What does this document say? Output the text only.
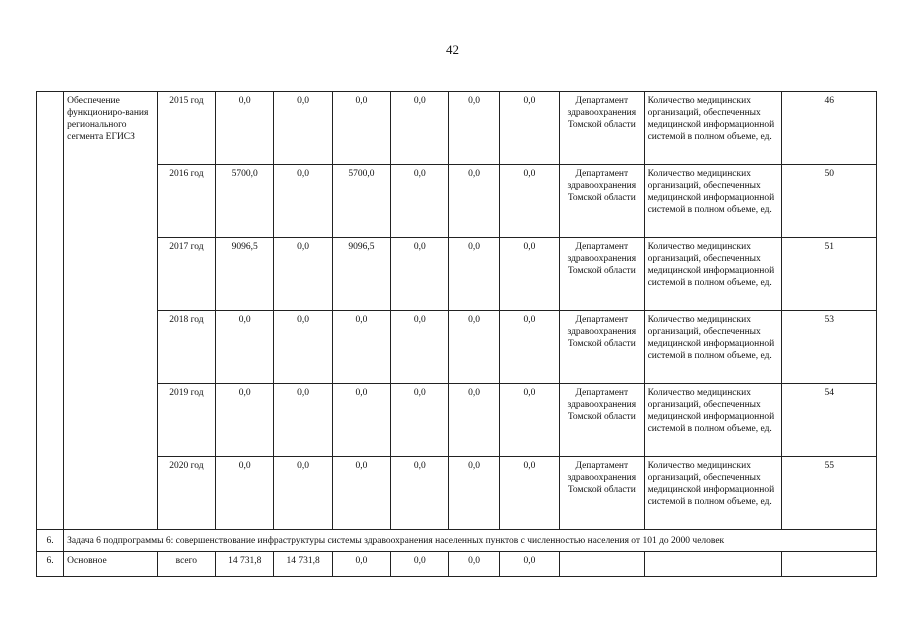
42
	Обеспечение функциониро-вания регионального сегмента ЕГИСЗ	2015 год	0,0	0,0	0,0	0,0	0,0	0,0	Департамент здравоохранения Томской области	Количество медицинских организаций, обеспеченных медицинской информационной системой в полном объеме, ед.	46
		2016 год	5700,0	0,0	5700,0	0,0	0,0	0,0	Департамент здравоохранения Томской области	Количество медицинских организаций, обеспеченных медицинской информационной системой в полном объеме, ед.	50
		2017 год	9096,5	0,0	9096,5	0,0	0,0	0,0	Департамент здравоохранения Томской области	Количество медицинских организаций, обеспеченных медицинской информационной системой в полном объеме, ед.	51
		2018 год	0,0	0,0	0,0	0,0	0,0	0,0	Департамент здравоохранения Томской области	Количество медицинских организаций, обеспеченных медицинской информационной системой в полном объеме, ед.	53
		2019 год	0,0	0,0	0,0	0,0	0,0	0,0	Департамент здравоохранения Томской области	Количество медицинских организаций, обеспеченных медицинской информационной системой в полном объеме, ед.	54
		2020 год	0,0	0,0	0,0	0,0	0,0	0,0	Департамент здравоохранения Томской области	Количество медицинских организаций, обеспеченных медицинской информационной системой в полном объеме, ед.	55
6.	Задача 6 подпрограммы 6: совершенствование инфраструктуры системы здравоохранения населенных пунктов с численностью населения от 101 до 2000 человек										
6.	Основное	всего	14 731,8	14 731,8	0,0	0,0	0,0	0,0			
